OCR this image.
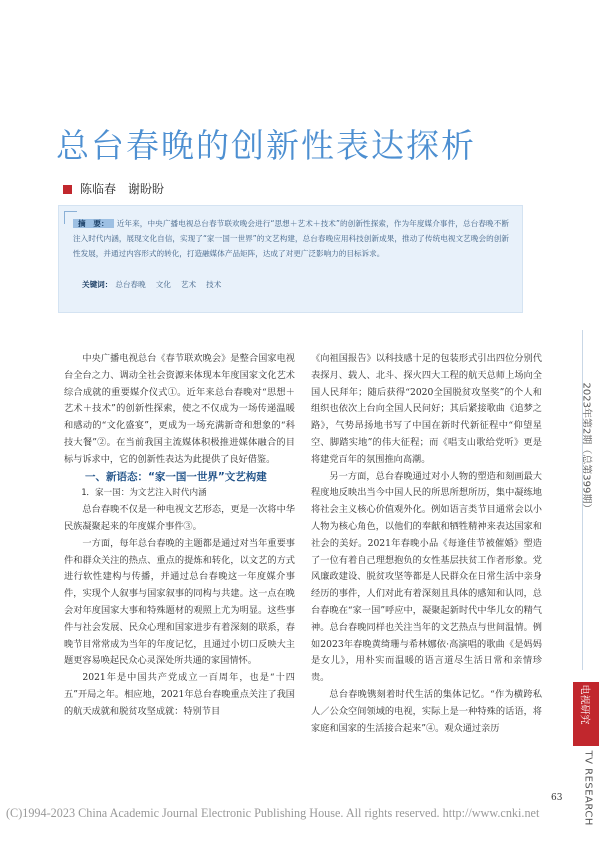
总台春晚的创新性表达探析
陈临春 谢盼盼
摘　要： 近年来，中央广播电视总台春节联欢晚会进行“思想＋艺术＋技术”的创新性探索，作为年度媒介事件，总台春晚不断注入时代内涵，展现文化自信，实现了“家一国一世界”的文艺构建，总台春晚应用科技创新成果，推动了传统电视文艺晚会的创新性发展，并通过内容形式的转化，打造融媒体产品矩阵，达成了对更广泛影响力的目标诉求。
关键词： 总台春晚 文化 艺术 技术

中央广播电视总台《春节联欢晚会》是整合国家电视台全台之力、调动全社会资源来体现本年度国家文化艺术综合成就的重要媒介仪式①。近年来总台春晚对“思想＋艺术＋技术”的创新性探索，使之不仅成为一场传递温暖和感动的“文化盛宴”，更成为一场充满新奇和想象的“科技大餐”②。在当前我国主流媒体积极推进媒体融合的目标与诉求中，它的创新性表达为此提供了良好借鉴。

一、新语态：“家一国一世界”文艺构建

1．家一国：为文艺注入时代内涵

总台春晚不仅是一种电视文艺形态，更是一次将中华民族凝聚起来的年度媒介事件③。

一方面，每年总台春晚的主题都是通过对当年重要事件和群众关注的热点、重点的提炼和转化，以文艺的方式进行软性建构与传播，并通过总台春晚这一年度媒介事件，实现个人叙事与国家叙事的同构与共建。这一点在晚会对年度国家大事和特殊题材的观照上尤为明显。这些事件与社会发展、民众心理和国家进步有着深刻的联系，春晚节目常常成为当年的年度记忆，且通过小切口反映大主题更容易唤起民众心灵深处所共通的家国情怀。

2021年是中国共产党成立一百周年，也是“十四五”开局之年。相应地，2021年总台春晚重点关注了我国的航天成就和脱贫攻坚成就：特别节目

《向祖国报告》以科技感十足的包装形式引出四位分别代表探月、载人、北斗、探火四大工程的航天总师上场向全国人民拜年；随后获得“2020全国脱贫攻坚奖”的个人和组织也依次上台向全国人民问好；其后紧接歌曲《追梦之路》，气势昂扬地书写了中国在新时代新征程中“仰望星空、脚踏实地”的伟大征程；而《唱支山歌给党听》更是将建党百年的氛围推向高潮。

另一方面，总台春晚通过对小人物的塑造和刻画最大程度地反映出当今中国人民的所思所想所历，集中凝练地将社会主义核心价值观外化。例如语言类节目通常会以小人物为核心角色，以他们的奉献和牺牲精神来表达国家和社会的美好。2021年春晚小品《每逢佳节被催婚》塑造了一位有着自己理想抱负的女性基层扶贫工作者形象。党风廉政建设、脱贫攻坚等都是人民群众在日常生活中亲身经历的事件，人们对此有着深刻且具体的感知和认同，总台春晚在“家一国”呼应中，凝聚起新时代中华儿女的精气神。总台春晚同样也关注当年的文艺热点与世间温情。例如2023年春晚黄绮珊与希林娜依·高演唱的歌曲《是妈妈是女儿》，用朴实而温暖的语言道尽生活日常和亲情珍贵。

总台春晚镌刻着时代生活的集体记忆。“作为横跨私人／公众空间领域的电视，实际上是一种特殊的话语，将家庭和国家的生活接合起来”④。观众通过亲历

2023年第2期（总第399期）
电视研究
TV RESEARCH
63
(C)1994-2023 China Academic Journal Electronic Publishing House. All rights reserved. http://www.cnki.net
